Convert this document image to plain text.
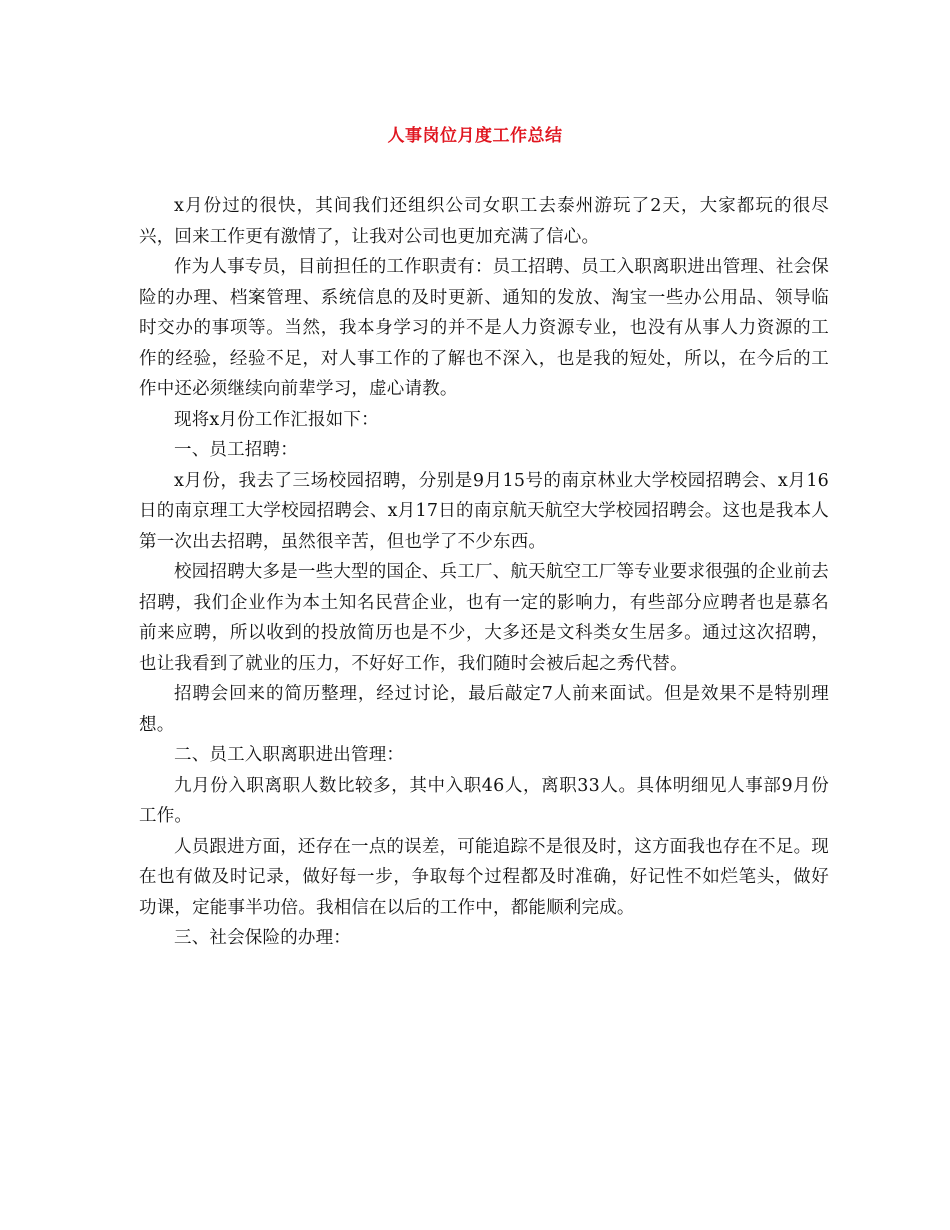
人事岗位月度工作总结

x月份过的很快，其间我们还组织公司女职工去泰州游玩了2天，大家都玩的很尽兴，回来工作更有激情了，让我对公司也更加充满了信心。

作为人事专员，目前担任的工作职责有：员工招聘、员工入职离职进出管理、社会保险的办理、档案管理、系统信息的及时更新、通知的发放、淘宝一些办公用品、领导临时交办的事项等。当然，我本身学习的并不是人力资源专业，也没有从事人力资源的工作的经验，经验不足，对人事工作的了解也不深入，也是我的短处，所以，在今后的工作中还必须继续向前辈学习，虚心请教。

现将x月份工作汇报如下：

一、员工招聘：

x月份，我去了三场校园招聘，分别是9月15号的南京林业大学校园招聘会、x月16日的南京理工大学校园招聘会、x月17日的南京航天航空大学校园招聘会。这也是我本人第一次出去招聘，虽然很辛苦，但也学了不少东西。

校园招聘大多是一些大型的国企、兵工厂、航天航空工厂等专业要求很强的企业前去招聘，我们企业作为本土知名民营企业，也有一定的影响力，有些部分应聘者也是慕名前来应聘，所以收到的投放简历也是不少，大多还是文科类女生居多。通过这次招聘，也让我看到了就业的压力，不好好工作，我们随时会被后起之秀代替。

招聘会回来的简历整理，经过讨论，最后敲定7人前来面试。但是效果不是特别理想。

二、员工入职离职进出管理：

九月份入职离职人数比较多，其中入职46人，离职33人。具体明细见人事部9月份工作。

人员跟进方面，还存在一点的误差，可能追踪不是很及时，这方面我也存在不足。现在也有做及时记录，做好每一步，争取每个过程都及时准确，好记性不如烂笔头，做好功课，定能事半功倍。我相信在以后的工作中，都能顺利完成。

三、社会保险的办理：
